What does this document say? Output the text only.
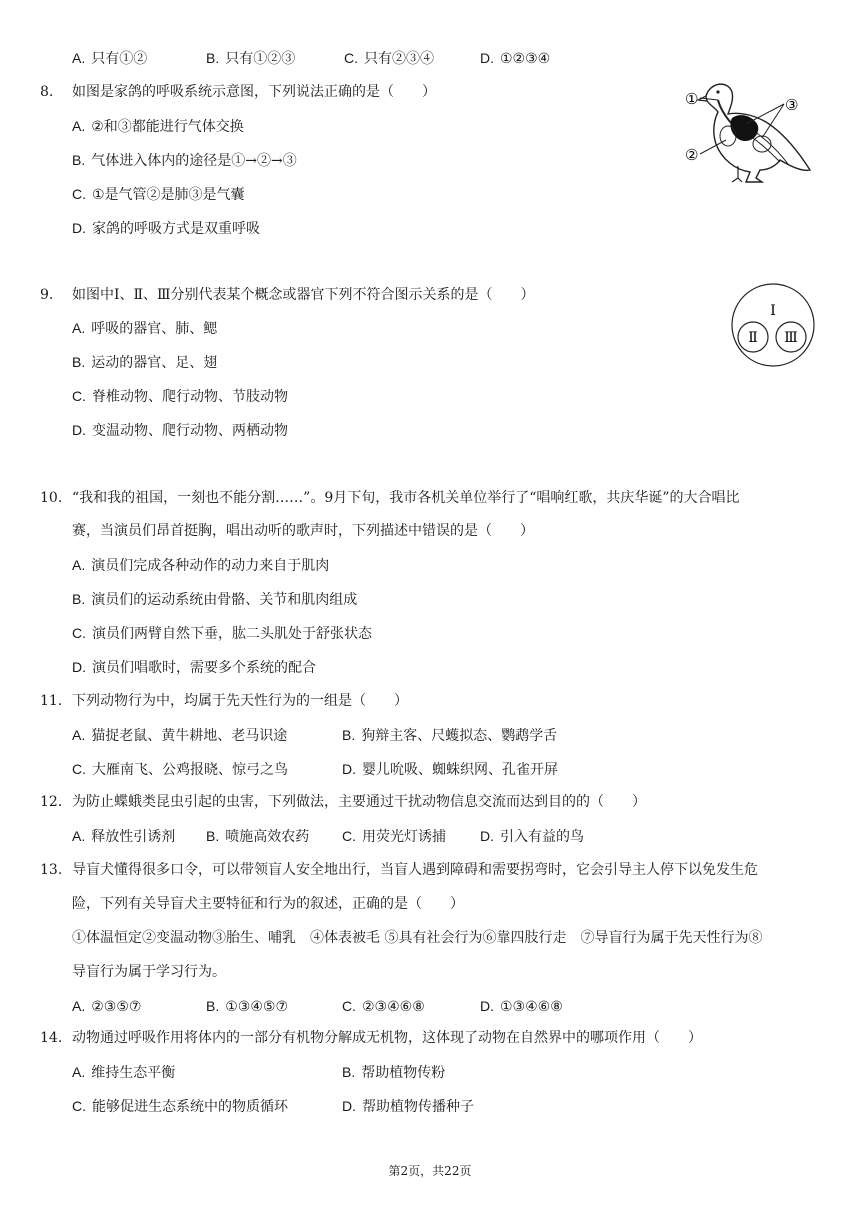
A. 只有①②	B. 只有①②③	C. 只有②③④	D. ①②③④
8. 如图是家鸽的呼吸系统示意图，下列说法正确的是（　　）
A. ②和③都能进行气体交换
B. 气体进入体内的途径是①→②→③
C. ①是气管②是肺③是气囊
D. 家鸽的呼吸方式是双重呼吸
①
②
③
9. 如图中Ⅰ、Ⅱ、Ⅲ分别代表某个概念或器官下列不符合图示关系的是（　　）
A. 呼吸的器官、肺、鳃
B. 运动的器官、足、翅
C. 脊椎动物、爬行动物、节肢动物
D. 变温动物、爬行动物、两栖动物
Ⅰ
Ⅱ Ⅲ
10. “我和我的祖国，一刻也不能分割……”。9月下旬，我市各机关单位举行了“唱响红歌，共庆华诞”的大合唱比
赛，当演员们昂首挺胸，唱出动听的歌声时，下列描述中错误的是（　　）
A. 演员们完成各种动作的动力来自于肌肉
B. 演员们的运动系统由骨骼、关节和肌肉组成
C. 演员们两臂自然下垂，肱二头肌处于舒张状态
D. 演员们唱歌时，需要多个系统的配合
11. 下列动物行为中，均属于先天性行为的一组是（　　）
A. 猫捉老鼠、黄牛耕地、老马识途	B. 狗辩主客、尺蠖拟态、鹦鹉学舌
C. 大雁南飞、公鸡报晓、惊弓之鸟	D. 婴儿吮吸、蜘蛛织网、孔雀开屏
12. 为防止蝶蛾类昆虫引起的虫害，下列做法，主要通过干扰动物信息交流而达到目的的（　　）
A. 释放性引诱剂 B. 喷施高效农药 C. 用荧光灯诱捕 D. 引入有益的鸟
13. 导盲犬懂得很多口令，可以带领盲人安全地出行，当盲人遇到障碍和需要拐弯时，它会引导主人停下以免发生危
险，下列有关导盲犬主要特征和行为的叙述，正确的是（　　）
①体温恒定②变温动物③胎生、哺乳　④体表被毛 ⑤具有社会行为⑥靠四肢行走　⑦导盲行为属于先天性行为⑧
导盲行为属于学习行为。
A. ②③⑤⑦	B. ①③④⑤⑦	C. ②③④⑥⑧	D. ①③④⑥⑧
14. 动物通过呼吸作用将体内的一部分有机物分解成无机物，这体现了动物在自然界中的哪项作用（　　）
A. 维持生态平衡	B. 帮助植物传粉
C. 能够促进生态系统中的物质循环	D. 帮助植物传播种子
第2页，共22页
